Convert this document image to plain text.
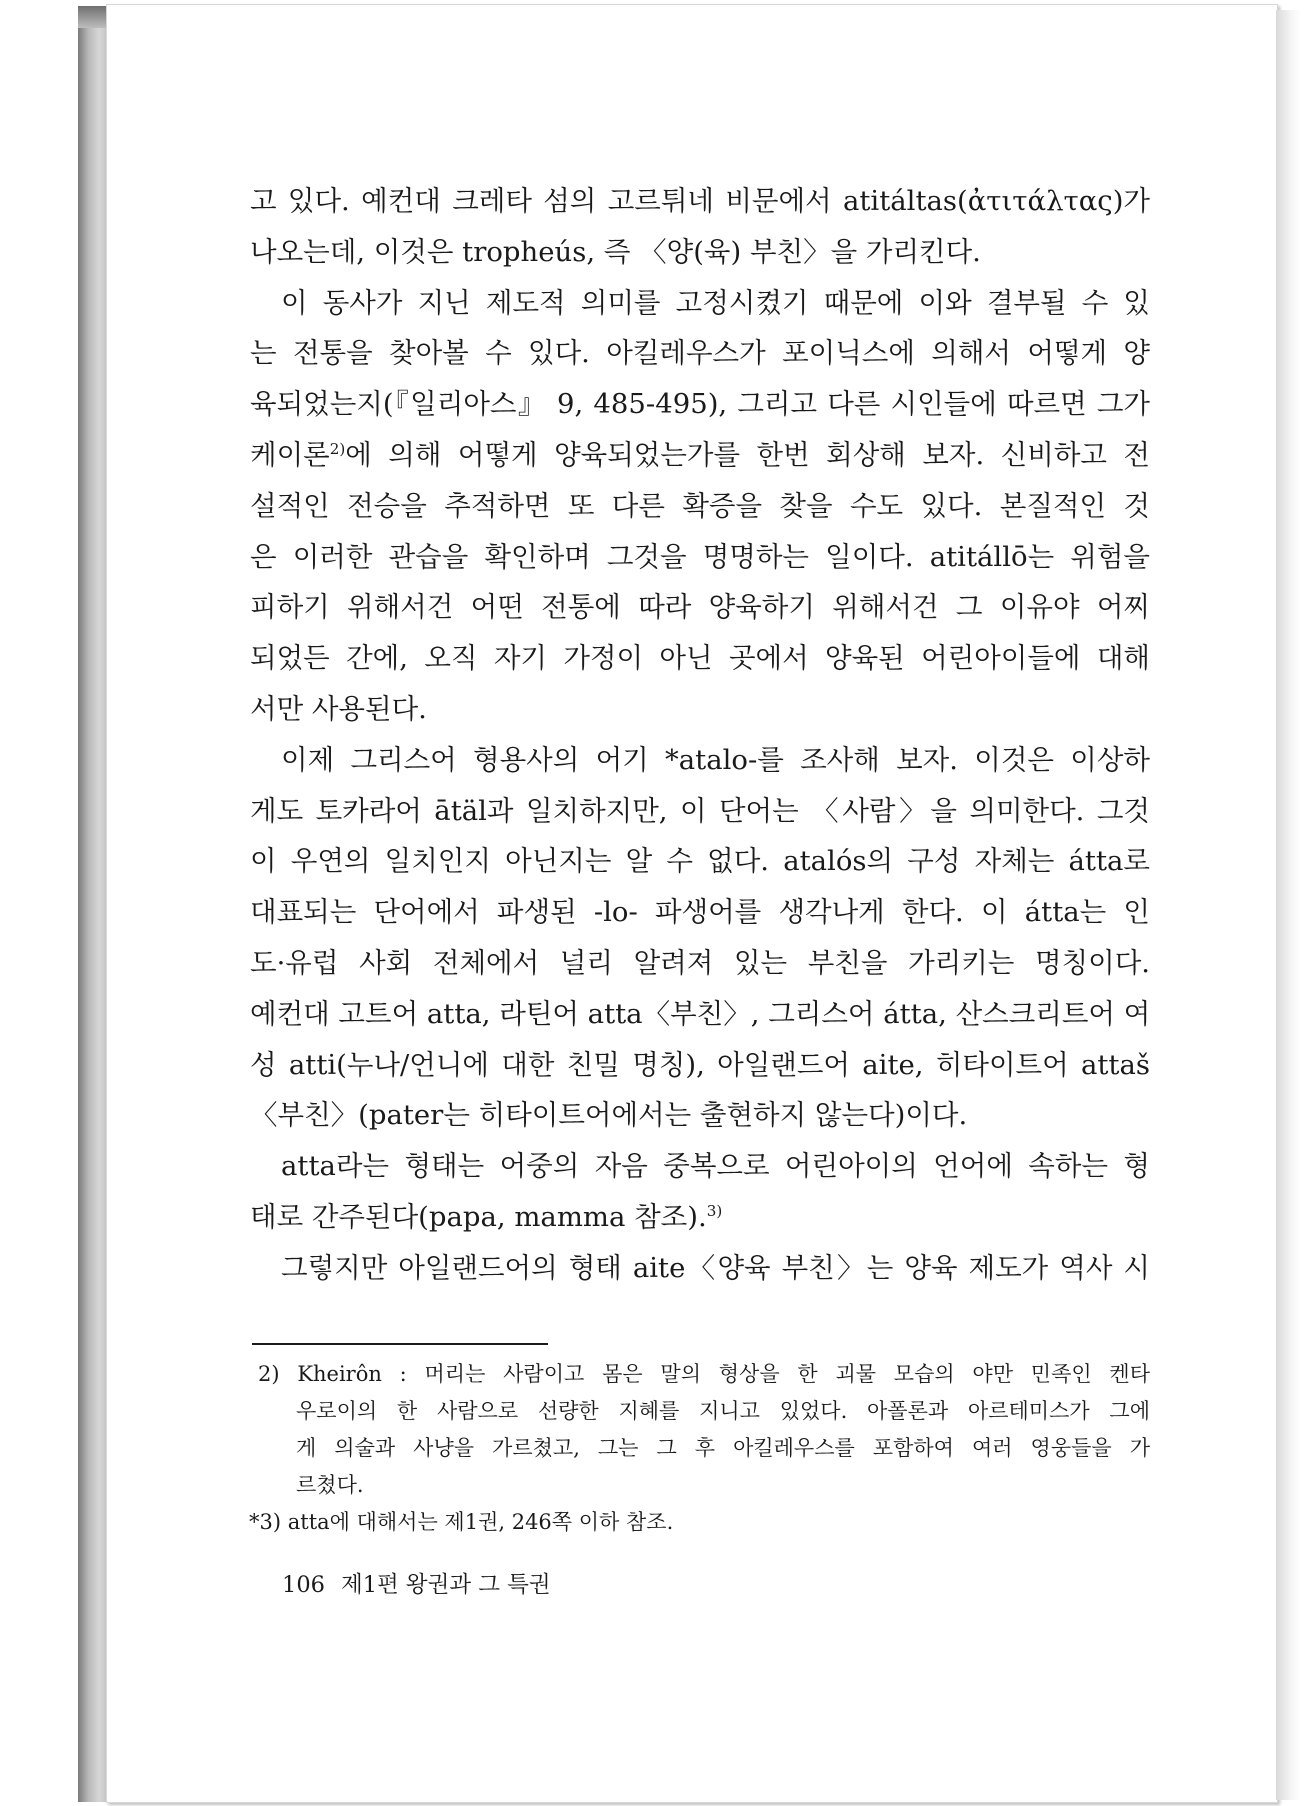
고 있다. 예컨대 크레타 섬의 고르튀네 비문에서 atitáltas(ἀτιτάλτας)가
나오는데, 이것은 tropheús, 즉 〈양(육) 부친〉을 가리킨다.
이 동사가 지닌 제도적 의미를 고정시켰기 때문에 이와 결부될 수 있
는 전통을 찾아볼 수 있다. 아킬레우스가 포이닉스에 의해서 어떻게 양
육되었는지(『일리아스』 9, 485-495), 그리고 다른 시인들에 따르면 그가
케이론$^{2)}$에 의해 어떻게 양육되었는가를 한번 회상해 보자. 신비하고 전
설적인 전승을 추적하면 또 다른 확증을 찾을 수도 있다. 본질적인 것
은 이러한 관습을 확인하며 그것을 명명하는 일이다. atitállō는 위험을
피하기 위해서건 어떤 전통에 따라 양육하기 위해서건 그 이유야 어찌
되었든 간에, 오직 자기 가정이 아닌 곳에서 양육된 어린아이들에 대해
서만 사용된다.
이제 그리스어 형용사의 어기 *atalo-를 조사해 보자. 이것은 이상하
게도 토카라어 ātäl과 일치하지만, 이 단어는 〈사람〉을 의미한다. 그것
이 우연의 일치인지 아닌지는 알 수 없다. atalós의 구성 자체는 átta로
대표되는 단어에서 파생된 -lo- 파생어를 생각나게 한다. 이 átta는 인
도·유럽 사회 전체에서 널리 알려져 있는 부친을 가리키는 명칭이다.
예컨대 고트어 atta, 라틴어 atta〈부친〉, 그리스어 átta, 산스크리트어 여
성 atti(누나/언니에 대한 친밀 명칭), 아일랜드어 aite, 히타이트어 attaš
〈부친〉(pater는 히타이트어에서는 출현하지 않는다)이다.
atta라는 형태는 어중의 자음 중복으로 어린아이의 언어에 속하는 형
태로 간주된다(papa, mamma 참조).$^{3)}$
그렇지만 아일랜드어의 형태 aite〈양육 부친〉는 양육 제도가 역사 시
2) Kheirôn : 머리는 사람이고 몸은 말의 형상을 한 괴물 모습의 야만 민족인 켄타
우로이의 한 사람으로 선량한 지혜를 지니고 있었다. 아폴론과 아르테미스가 그에
게 의술과 사냥을 가르쳤고, 그는 그 후 아킬레우스를 포함하여 여러 영웅들을 가
르쳤다.
*3) atta에 대해서는 제1권, 246쪽 이하 참조.
106 제1편 왕권과 그 특권
